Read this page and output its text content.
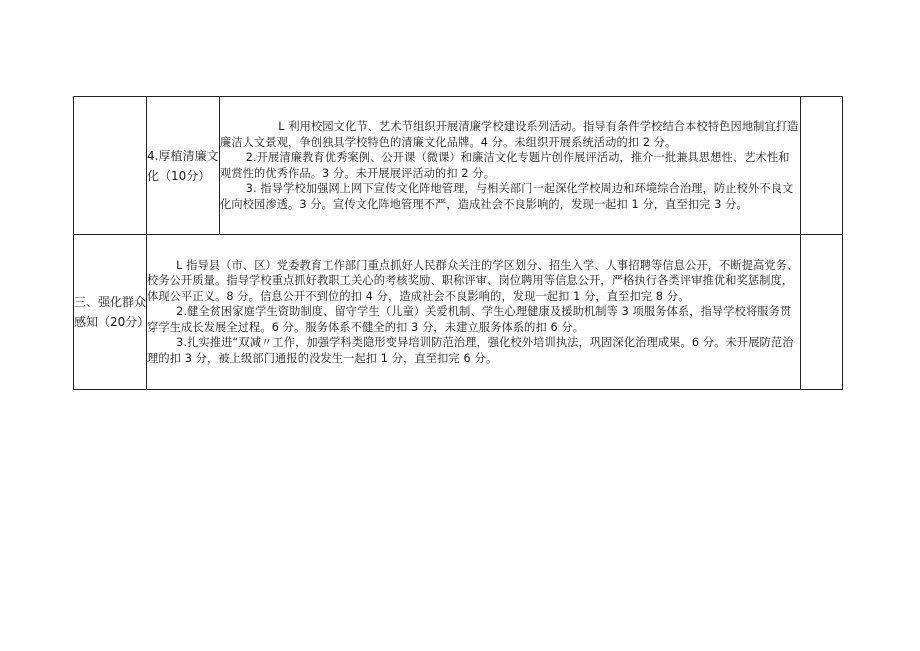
	4.厚植清廉文化（10分）	L 利用校园文化节、艺术节组织开展清廉学校建设系列活动。指导有条件学校结合本校特色因地制宜打造廉洁人文景观，争创独具学校特色的清廉文化品牌。4 分。未组织开展系统活动的扣 2 分。

2.开展清廉教育优秀案例、公开课（微课）和廉洁文化专题片创作展评活动，推介一批兼具思想性、艺术性和观赏性的优秀作品。3 分。未开展展评活动的扣 2 分。

3. 指导学校加强网上网下宣传文化阵地管理，与相关部门一起深化学校周边和环境综合治理，防止校外不良文化向校园渗透。3 分。宣传文化阵地管理不严，造成社会不良影响的，发现一起扣 1 分，直至扣完 3 分。	

三、强化群众感知（20分）	L 指导县（市、区）党委教育工作部门重点抓好人民群众关注的学区划分、招生入学、人事招聘等信息公开，不断提高党务、校务公开质量。指导学校重点抓好教职工关心的考核奖励、职称评审、岗位聘用等信息公开，严格执行各类评审推优和奖惩制度，体现公平正义。8 分。信息公开不到位的扣 4 分，造成社会不良影响的，发现一起扣 1 分，直至扣完 8 分。

2.健全贫困家庭学生资助制度、留守学生（儿童）关爱机制、学生心理健康及援助机制等 3 项服务体系，指导学校将服务贯穿学生成长发展全过程。6 分。服务体系不健全的扣 3 分，未建立服务体系的扣 6 分。

3.扎实推进“双减〃工作，加强学科类隐形变异培训防范治理，强化校外培训执法，巩固深化治理成果。6 分。未开展防范治理的扣 3 分，被上级部门通报的没发生一起扣 1 分，直至扣完 6 分。		
